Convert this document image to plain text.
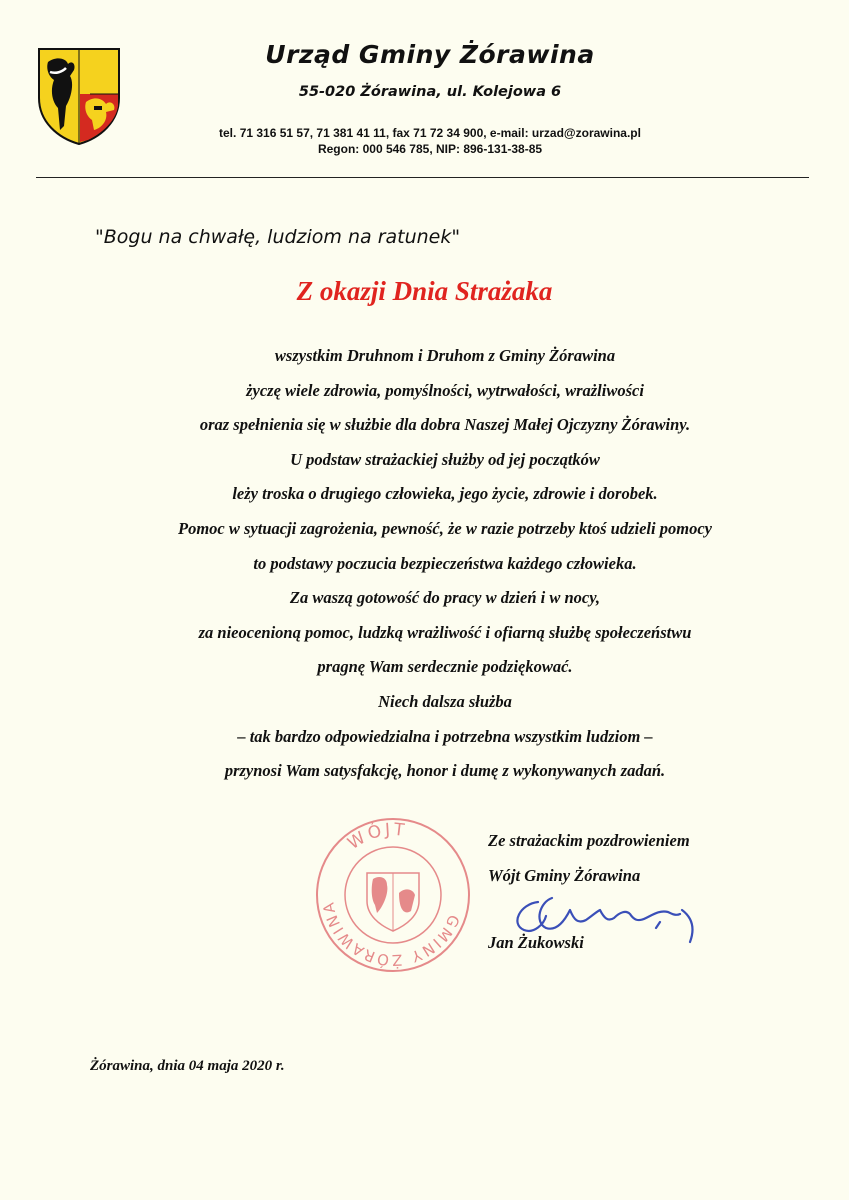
Urząd Gminy Żórawina
55-020 Żórawina, ul. Kolejowa 6
tel. 71 316 51 57, 71 381 41 11, fax 71 72 34 900, e-mail: urzad@zorawina.pl
Regon: 000 546 785, NIP: 896-131-38-85
"Bogu na chwałę, ludziom na ratunek"
Z okazji Dnia Strażaka
wszystkim Druhnom i Druhom z Gminy Żórawina
życzę wiele zdrowia, pomyślności, wytrwałości, wrażliwości
oraz spełnienia się w służbie dla dobra Naszej Małej Ojczyzny Żórawiny.
U podstaw strażackiej służby od jej początków
leży troska o drugiego człowieka, jego życie, zdrowie i dorobek.
Pomoc w sytuacji zagrożenia, pewność, że w razie potrzeby ktoś udzieli pomocy
to podstawy poczucia bezpieczeństwa każdego człowieka.
Za waszą gotowość do pracy w dzień i w nocy,
za nieocenioną pomoc, ludzką wrażliwość i ofiarną służbę społeczeństwu
pragnę Wam serdecznie podziękować.
Niech dalsza służba
– tak bardzo odpowiedzialna i potrzebna wszystkim ludziom –
przynosi Wam satysfakcję, honor i dumę z wykonywanych zadań.
WÓJT
GMINY ŻÓRAWINA
Ze strażackim pozdrowieniem
Wójt Gminy Żórawina
Jan Żukowski
Żórawina, dnia 04 maja 2020 r.
